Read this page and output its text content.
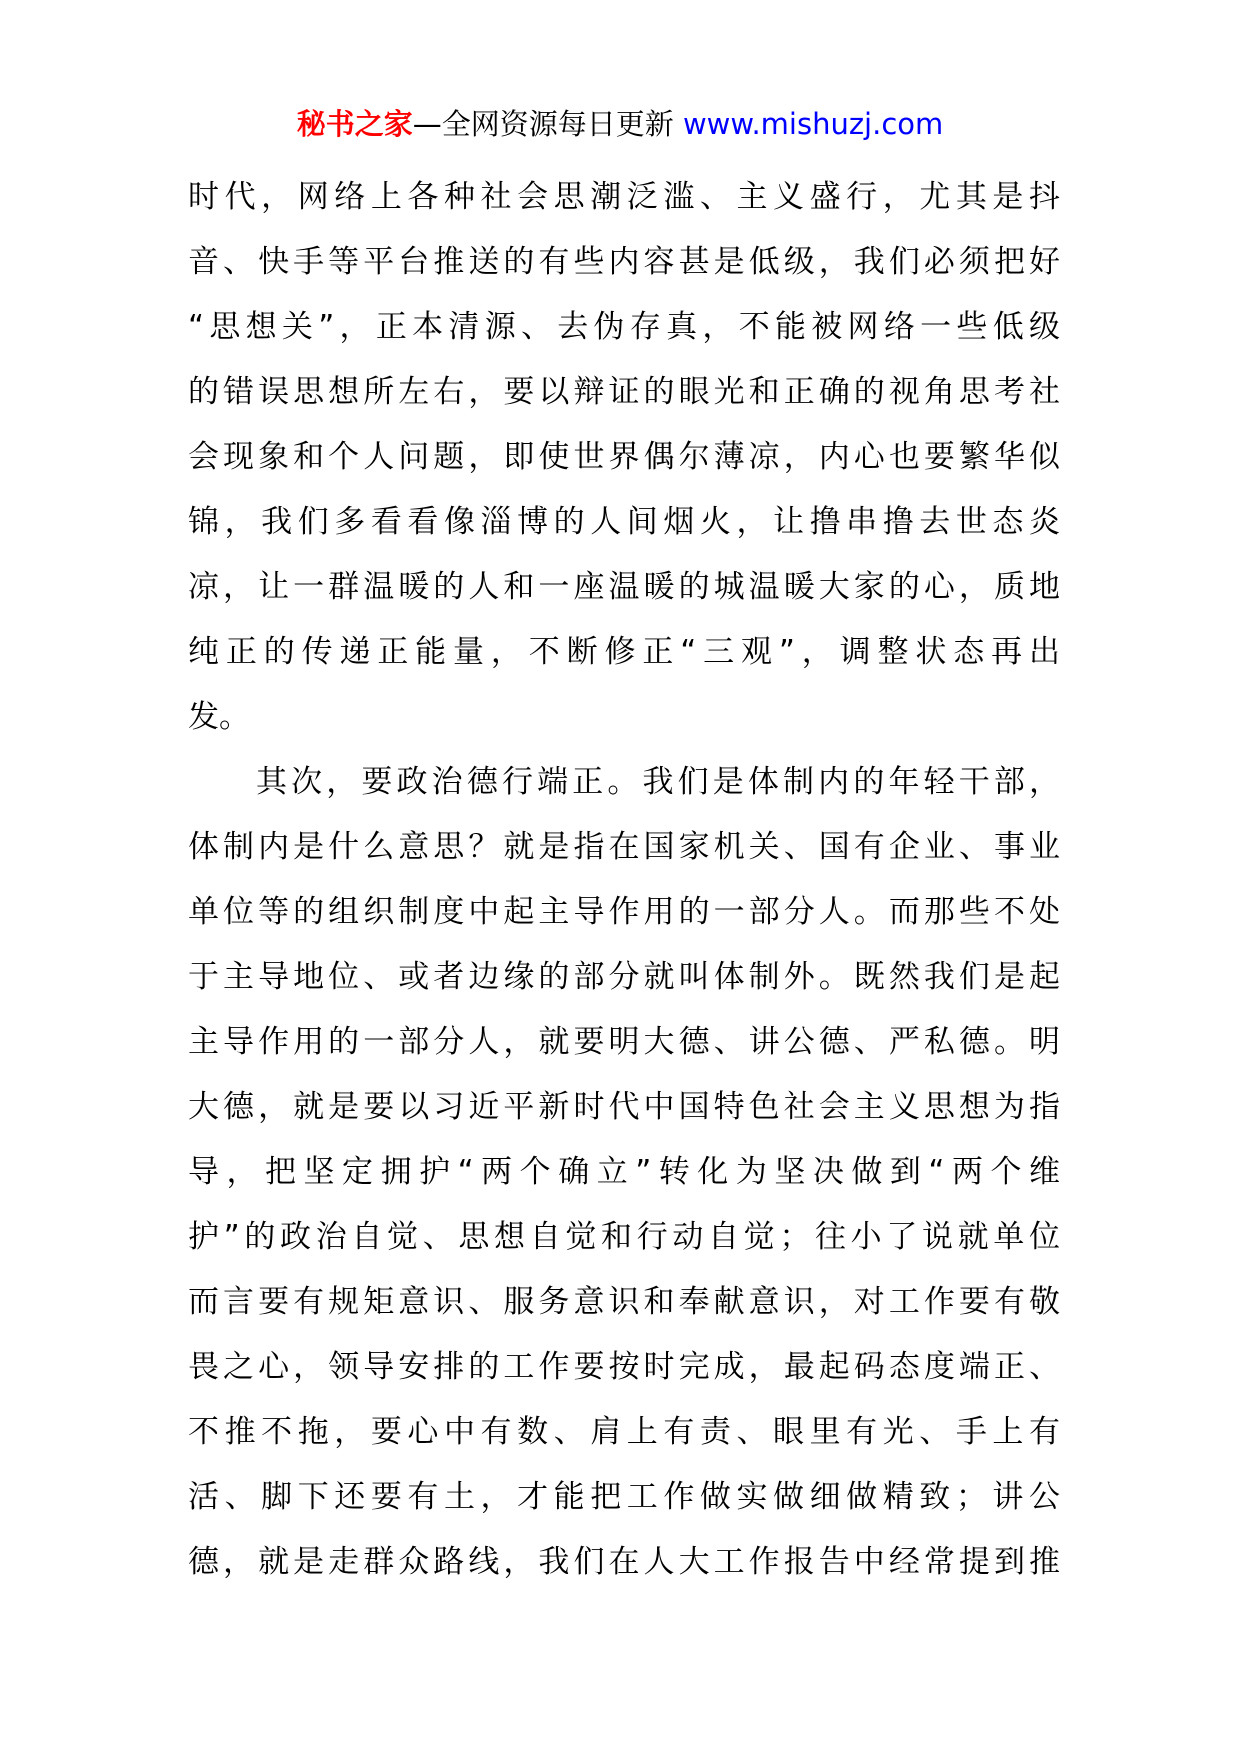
秘书之家—全网资源每日更新 www.mishuzj.com
时代，网络上各种社会思潮泛滥、主义盛行，尤其是抖
音、快手等平台推送的有些内容甚是低级，我们必须把好
“思想关”，正本清源、去伪存真，不能被网络一些低级
的错误思想所左右，要以辩证的眼光和正确的视角思考社
会现象和个人问题，即使世界偶尔薄凉，内心也要繁华似
锦，我们多看看像淄博的人间烟火，让撸串撸去世态炎
凉，让一群温暖的人和一座温暖的城温暖大家的心，质地
纯正的传递正能量，不断修正“三观”，调整状态再出
发。
其次，要政治德行端正。我们是体制内的年轻干部，
体制内是什么意思？就是指在国家机关、国有企业、事业
单位等的组织制度中起主导作用的一部分人。而那些不处
于主导地位、或者边缘的部分就叫体制外。既然我们是起
主导作用的一部分人，就要明大德、讲公德、严私德。明
大德，就是要以习近平新时代中国特色社会主义思想为指
导，把坚定拥护“两个确立”转化为坚决做到“两个维
护”的政治自觉、思想自觉和行动自觉；往小了说就单位
而言要有规矩意识、服务意识和奉献意识，对工作要有敬
畏之心，领导安排的工作要按时完成，最起码态度端正、
不推不拖，要心中有数、肩上有责、眼里有光、手上有
活、脚下还要有土，才能把工作做实做细做精致；讲公
德，就是走群众路线，我们在人大工作报告中经常提到推
